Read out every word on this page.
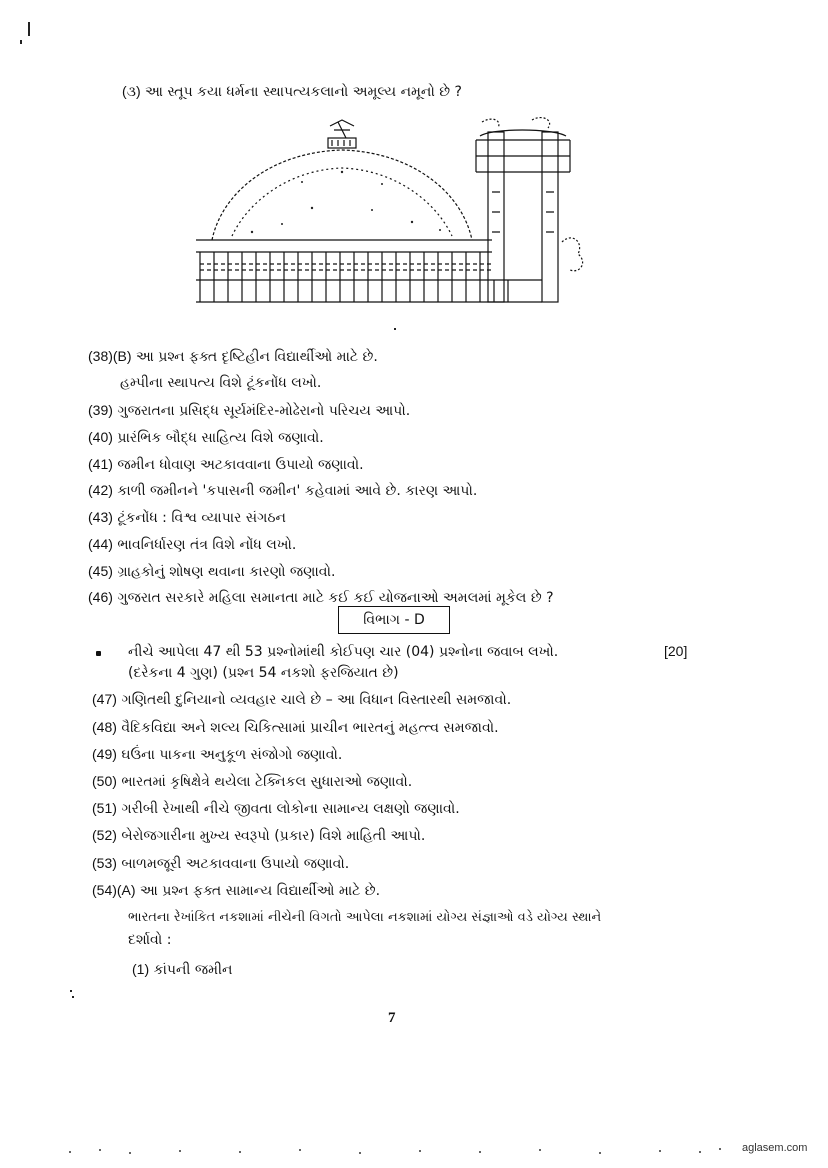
(૩) આ સ્તૂપ કયા ધર્મના સ્થાપત્યકલાનો અમૂલ્ય નમૂનો છે ?
(38)(B) આ પ્રશ્ન ફક્ત દૃષ્ટિહીન વિદ્યાર્થીઓ માટે છે.
હમ્પીના સ્થાપત્ય વિશે ટૂંકનોંધ લખો.
(39) ગુજરાતના પ્રસિદ્ધ સૂર્યમંદિર-મોઢેરાનો પરિચય આપો.
(40) પ્રારંભિક બૌદ્ધ સાહિત્ય વિશે જણાવો.
(41) જમીન ધોવાણ અટકાવવાના ઉપાયો જણાવો.
(42) કાળી જમીનને 'કપાસની જમીન' કહેવામાં આવે છે. કારણ આપો.
(43) ટૂંકનોંધ : વિશ્વ વ્યાપાર સંગઠન
(44) ભાવનિર્ધારણ તંત્ર વિશે નોંધ લખો.
(45) ગ્રાહકોનું શોષણ થવાના કારણો જણાવો.
(46) ગુજરાત સરકારે મહિલા સમાનતા માટે કઈ કઈ યોજનાઓ અમલમાં મૂકેલ છે ?
વિભાગ - D
નીચે આપેલા 47 થી 53 પ્રશ્નોમાંથી કોઈપણ ચાર (04) પ્રશ્નોના જવાબ લખો.	[20]
(દરેકના 4 ગુણ) (પ્રશ્ન 54 નકશો ફરજિયાત છે)
(47) ગણિતથી દુનિયાનો વ્યવહાર ચાલે છે – આ વિધાન વિસ્તારથી સમજાવો.
(48) વૈદિકવિદ્યા અને શલ્ય ચિકિત્સામાં પ્રાચીન ભારતનું મહત્ત્વ સમજાવો.
(49) ઘઉંના પાકના અનુકૂળ સંજોગો જણાવો.
(50) ભારતમાં કૃષિક્ષેત્રે થયેલા ટેક્નિકલ સુધારાઓ જણાવો.
(51) ગરીબી રેખાથી નીચે જીવતા લોકોના સામાન્ય લક્ષણો જણાવો.
(52) બેરોજગારીના મુખ્ય સ્વરૂપો (પ્રકાર) વિશે માહિતી આપો.
(53) બાળમજૂરી અટકાવવાના ઉપાયો જણાવો.
(54)(A) આ પ્રશ્ન ફક્ત સામાન્ય વિદ્યાર્થીઓ માટે છે.
ભારતના રેખાંકિત નકશામાં નીચેની વિગતો આપેલા નકશામાં યોગ્ય સંજ્ઞાઓ વડે યોગ્ય સ્થાને
દર્શાવો :
(1) કાંપની જમીન
7
aglasem.com
